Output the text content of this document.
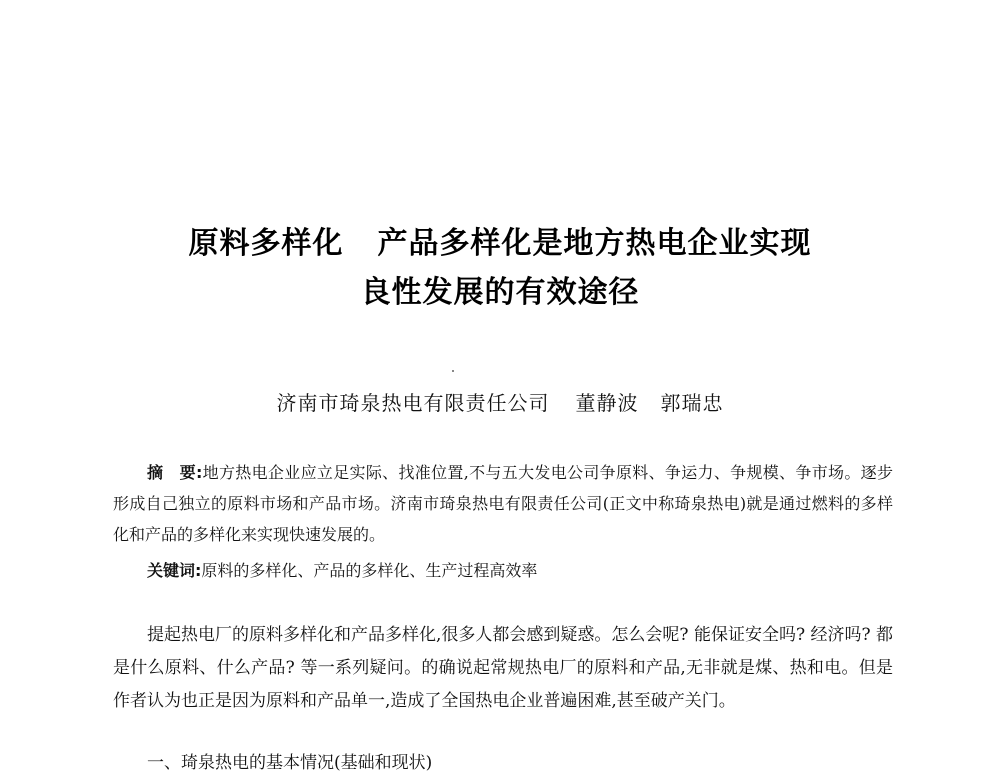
原料多样化 产品多样化是地方热电企业实现
良性发展的有效途径
济南市琦泉热电有限责任公司 董静波 郭瑞忠

摘　要:地方热电企业应立足实际、找准位置,不与五大发电公司争原料、争运力、争规模、争市场。逐步形成自己独立的原料市场和产品市场。济南市琦泉热电有限责任公司(正文中称琦泉热电)就是通过燃料的多样化和产品的多样化来实现快速发展的。

关键词:原料的多样化、产品的多样化、生产过程高效率

提起热电厂的原料多样化和产品多样化,很多人都会感到疑惑。怎么会呢? 能保证安全吗? 经济吗? 都是什么原料、什么产品? 等一系列疑问。的确说起常规热电厂的原料和产品,无非就是煤、热和电。但是作者认为也正是因为原料和产品单一,造成了全国热电企业普遍困难,甚至破产关门。

一、琦泉热电的基本情况(基础和现状)
